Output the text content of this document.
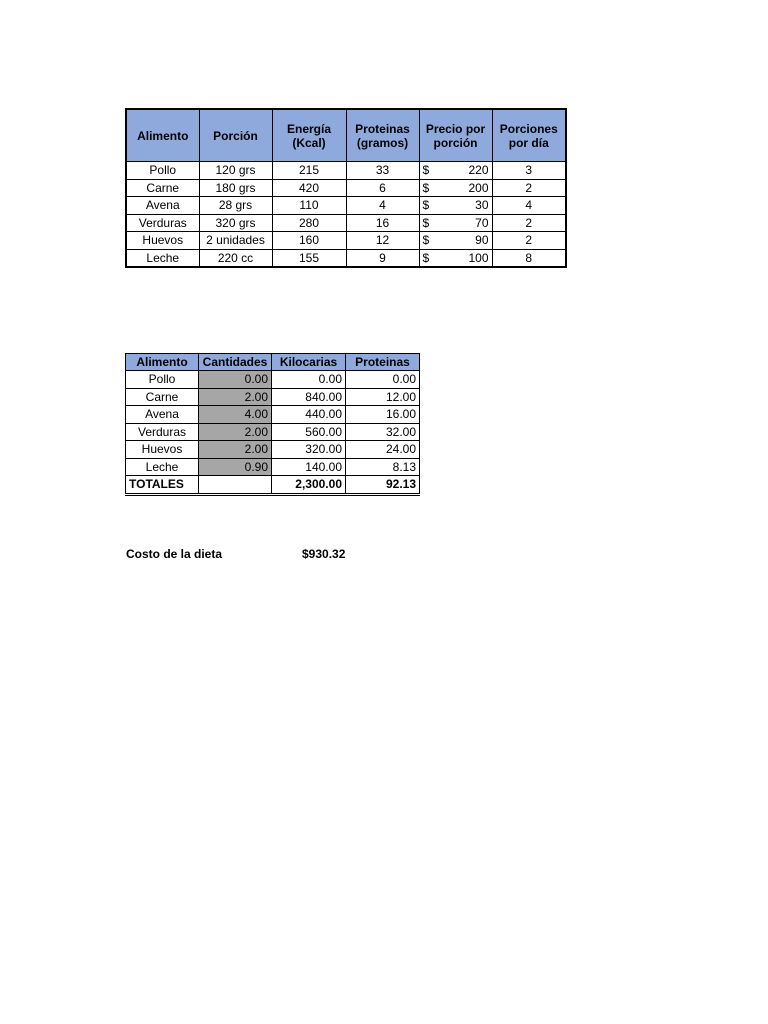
Alimento	Porción	Energía (Kcal)	Proteinas (gramos)	Precio por porción	Porciones por día
Pollo	120 grs	215	33	$ 220	3
Carne	180 grs	420	6	$ 200	2
Avena	28 grs	110	4	$ 30	4
Verduras	320 grs	280	16	$ 70	2
Huevos	2 unidades	160	12	$ 90	2
Leche	220 cc	155	9	$ 100	8
Alimento	Cantidades	Kilocarias	Proteinas
Pollo	0.00	0.00	0.00
Carne	2.00	840.00	12.00
Avena	4.00	440.00	16.00
Verduras	2.00	560.00	32.00
Huevos	2.00	320.00	24.00
Leche	0.90	140.00	8.13
TOTALES		2,300.00	92.13
Costo de la dieta	$930.32
